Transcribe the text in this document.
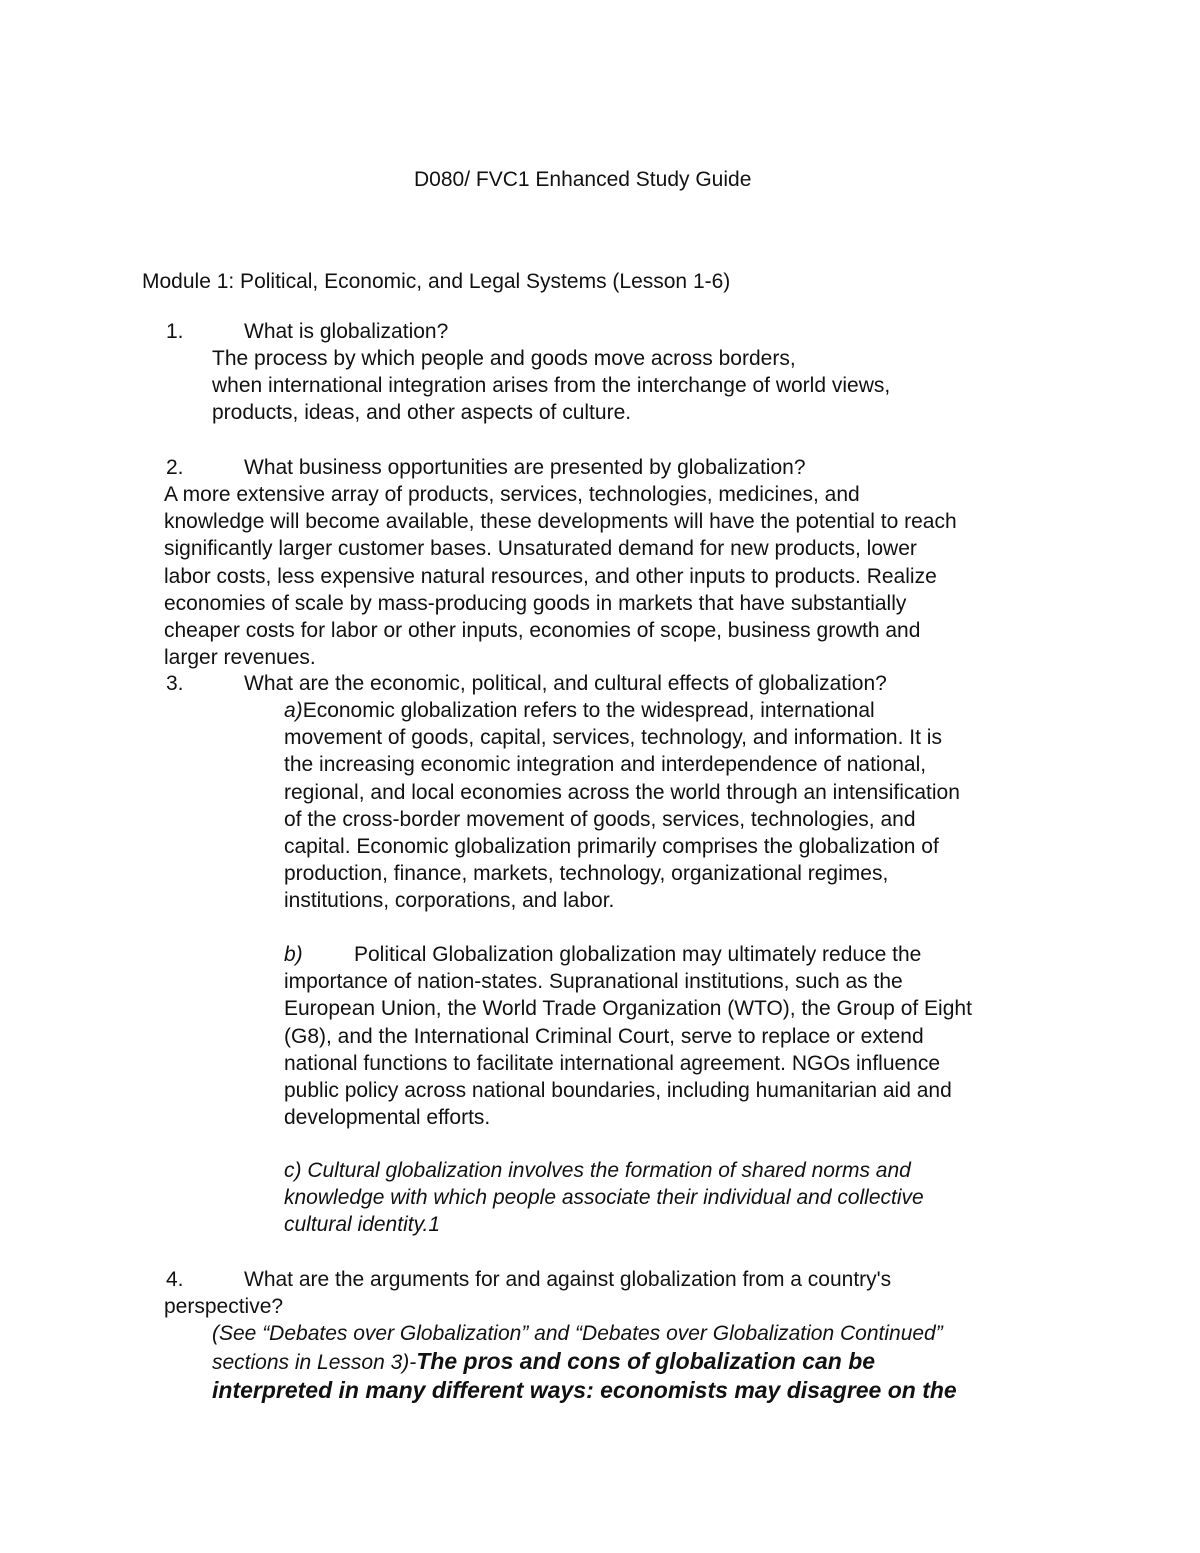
D080/ FVC1 Enhanced Study Guide
Module 1: Political, Economic, and Legal Systems (Lesson 1-6)
1.	What is globalization?
The process by which people and goods move across borders,
when international integration arises from the interchange of world views,
products, ideas, and other aspects of culture.
2.	What business opportunities are presented by globalization?
A more extensive array of products, services, technologies, medicines, and
knowledge will become available, these developments will have the potential to reach
significantly larger customer bases. Unsaturated demand for new products, lower
labor costs, less expensive natural resources, and other inputs to products. Realize
economies of scale by mass-producing goods in markets that have substantially
cheaper costs for labor or other inputs, economies of scope, business growth and
larger revenues.
3.	What are the economic, political, and cultural effects of globalization?
a)Economic globalization refers to the widespread, international
movement of goods, capital, services, technology, and information. It is
the increasing economic integration and interdependence of national,
regional, and local economies across the world through an intensification
of the cross-border movement of goods, services, technologies, and
capital. Economic globalization primarily comprises the globalization of
production, finance, markets, technology, organizational regimes,
institutions, corporations, and labor.
b) Political Globalization globalization may ultimately reduce the
importance of nation-states. Supranational institutions, such as the
European Union, the World Trade Organization (WTO), the Group of Eight
(G8), and the International Criminal Court, serve to replace or extend
national functions to facilitate international agreement. NGOs influence
public policy across national boundaries, including humanitarian aid and
developmental efforts.
c) Cultural globalization involves the formation of shared norms and
knowledge with which people associate their individual and collective
cultural identity.1
4.	What are the arguments for and against globalization from a country's
perspective?
(See “Debates over Globalization” and “Debates over Globalization Continued”
sections in Lesson 3)-The pros and cons of globalization can be
interpreted in many different ways: economists may disagree on the
